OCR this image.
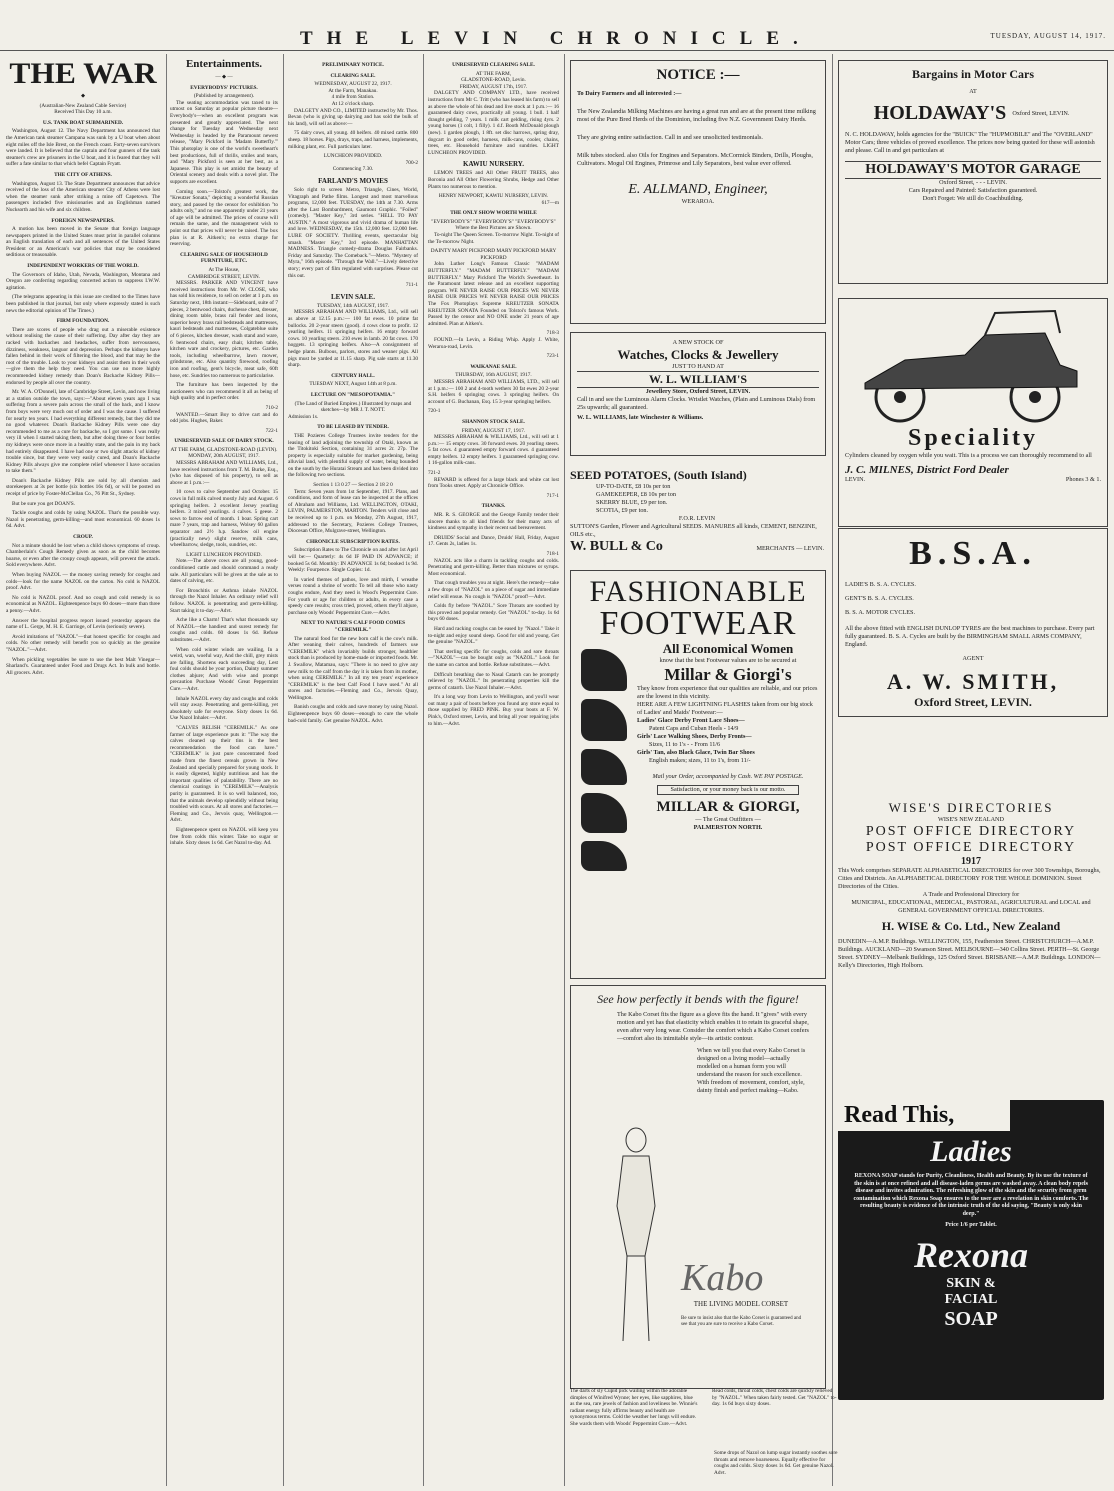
THE LEVIN CHRONICLE.	TUESDAY, AUGUST 14, 1917.
THE WAR
◆
(Australian-New Zealand Cable Service)
Received This Day 10 a.m.
U.S. TANK BOAT SUBMARINED.

Washington, August 12. The Navy Department has announced that the American tank steamer Campana was sunk by a U boat when about eight miles off the Isle Brest, on the French coast. Forty-seven survivors were landed. It is believed that the captain and four gunners of the tank steamer's crew are prisoners in the U boat, and it is feared that they will suffer a fate similar to that which befel Captain Fryatt.

THE CITY OF ATHENS.

Washington, August 13. The State Department announces that advice received of the loss of the American steamer City of Athens were lost when the steamer sunk after striking a mine off Capetown. The passengers included five missionaries and an Englishman named Nucksorth and his wife and six children.

FOREIGN NEWSPAPERS.

A motion has been moved in the Senate that foreign language newspapers printed in the United States must print in parallel columns an English translation of each and all sentences of the United States President or an American's war policies that may be considered seditious or treasonable.

INDEPENDENT WORKERS OF THE WORLD.

The Governors of Idaho, Utah, Nevada, Washington, Montana and Oregon are conferring regarding concerted action to suppress I.W.W. agitation.

(The telegrams appearing in this issue are credited to the Times have been published in that journal, but only where expressly stated is such news the editorial opinion of The Times.)

FIRM FOUNDATION.

There are scores of people who drag out a miserable existence without realising the cause of their suffering. Day after day they are racked with backaches and headaches, suffer from nervousness, dizziness, weakness, languor and depression. Perhaps the kidneys have fallen behind in their work of filtering the blood, and that may be the root of the trouble. Look to your kidneys and assist them in their work—give them the help they need. You can use no more highly recommended kidney remedy than Doan's Backache Kidney Pills—endorsed by people all over the country.

Mr. W. A. O'Donnell, late of Cambridge Street, Levin, and now living at a station outside the town, says:—"About eleven years ago I was suffering from a severe pain across the small of the back, and I know from boys were very much out of order and I was the cause. I suffered for nearly ten years. I had everything different remedy, but they did me no good whatever. Doan's Backache Kidney Pills were one day recommended to me as a cure for backache, so I got some. I was really very ill when I started taking them, but after doing three or four bottles my kidneys were once more in a healthy state, and the pain in my back had entirely disappeared. I have had one or two slight attacks of kidney trouble since, but they were very easily cured, and Doan's Backache Kidney Pills always give me complete relief whenever I have occasion to take them."

Doan's Backache Kidney Pills are sold by all chemists and storekeepers at 3s per bottle (six bottles 16s 6d), or will be posted on receipt of price by Foster-McClellan Co., 76 Pitt St., Sydney.

But be sure you get DOAN'S.

Tackle coughs and colds by using NAZOL. That's the possible way. Nazol is penetrating, germ-killing—and most economical. 60 doses 1s 6d. Advt.

CROUP.

Not a minute should be lost when a child shows symptoms of croup. Chamberlain's Cough Remedy given as soon as the child becomes hoarse, or even after the croupy cough appears, will prevent the attack. Sold everywhere. Advt.

When buying NAZOL — the money saving remedy for coughs and colds—look for the name NAZOL on the carton. No cold is NAZOL proof. Advt.

No cold is NAZOL proof. And no cough and cold remedy is so economical as NAZOL. Eighteenpence buys 60 doses—more than three a penny.—Advt.

Answer the hospital progress report issued yesterday appears the name of L. Gerge, M. H. E. Garrioge, of Levin (seriously severe).

Avoid imitations of "NAZOL"—that honest specific for coughs and colds. No other remedy will benefit you so quickly as the genuine "NAZOL."—Advt.

When pickling vegetables be sure to use the best Malt Vinegar—Sharland's. Guaranteed under Food and Drugs Act. In bulk and bottle. All grocers. Advt.

Entertainments.
— ◆ —
EVERYBODYS' PICTURES.
(Published by arrangement).

The seating accommodation was taxed to its utmost on Saturday at popular picture theatre—Everybody's—when an excellent program was presented and greatly appreciated. The next change for Tuesday and Wednesday next Wednesday is headed by the Paramount newest release, "Mary Pickford in 'Madam Butterfly.'" This photoplay is one of the world's sweetheart's best productions, full of thrills, smiles and tears, and "Mary Pickford is seen at her best, as a Japanese. This play is set amidst the beauty of Oriental scenery and deals with a novel plot. The supports are excellent.

Coming soon.—Tolstoi's greatest work, the "Kreutzer Sonata," depicting a wonderful Russian story, and passed by the censor for exhibition "to adults only," and no one apparently under 21 years of age will be admitted. The prices of course will remain the same, and the management wish to point out that prices will never be raised. The box plan is at R. Aitken's; no extra charge for reserving.

CLEARING SALE OF HOUSEHOLD FURNITURE, ETC.
At The House,
CAMBRIDGE STREET, LEVIN.

MESSRS. PARKER AND VINCENT have received instructions from Mr. W. CLOSE, who has sold his residence, to sell on order at 1 p.m. on Saturday next, 18th instant:—Sideboard, suite of 7 pieces, 2 bentwood chairs, duchesse chest, dresser, dining room table, brass rail fender and irons, superior heavy brass rail bedsteads and mattresses, kauri bedsteads and mattresses, Colgateblue suite of 6 pieces, kitchen dresser, wash stand and ware, 6 bentwood chairs, easy chair, kitchen table, kitchen ware and crockery, pictures, etc. Garden tools, including wheelbarrow, lawn mower, grindstone, etc. Also quantity firewood, roofing iron and roofing, gent's bicycle, meat safe, 60ft hose, etc. Sundries too numerous to particularise.

The furniture has been inspected by the auctioneers who can recommend it all as being of high quality and in perfect order.

710-2

WANTED.—Smart Boy to drive cart and do odd jobs. Hughes, Baker.

722-1
UNRESERVED SALE OF DAIRY STOCK.
AT THE FARM, GLADSTONE-ROAD (LEVIN).
MONDAY, 20th AUGUST, 1917.

MESSRS ABRAHAM AND WILLIAMS, Ltd., have received instructions from T. M. Burke, Esq., (who has disposed of his property), to sell as above at 1 p.m.:—

10 cows to calve September and October. 15 cows in full milk calved mostly July and August. 6 springing heifers. 2 excellent Jersey yearling heifers. 3 mixed yearlings. 4 calves. 5 geese. 2 sows to farrow end of month. 1 boar. Spring cart mare 7 years, trap and harness, Wolsey 60 gallon separator and 2½ h.p. Sandow oil engine (practically new) slight reserve, milk cans, wheelbarrow, sledge, tools, sundries, etc.

LIGHT LUNCHEON PROVIDED.

Note.—The above cows are all young, good-conditioned cattle and should command a ready sale. All particulars will be given at the sale as to dates of calving, etc.

For Bronchitis or Asthma inhale NAZOL through the Nazol Inhaler. An ordinary relief will follow. NAZOL is penetrating and germ-killing. Start taking it to-day.—Advt.

Ache like a Charm! That's what thousands say of NAZOL—the handiest and surest remedy for coughs and colds. 60 doses 1s 6d. Refuse substitutes.—Advt.

When cold winter winds are wailing, In a weird, wan, woeful way, And the chill, grey mists are falling, Shortens each succeeding day, Lest foul colds should be your portion, Dainty summer clothes abjure; And with wise and prompt precaution Purchase Woods' Great Peppermint Cure.—Advt.

Inhale NAZOL every day and coughs and colds will stay away. Penetrating and germ-killing, yet absolutely safe for everyone. Sixty doses 1s 6d. Use Nazol Inhaler.—Advt.

"CALVES RELISH "CEREMILK." As one farmer of large experience puts it: "The way the calves cleaned up their tins is the best recommendation the food can have." "CEREMILK" is just pure concentrated food made from the finest cereals grown in New Zealand and specially prepared for young stock. It is easily digested, highly nutritious and has the important qualities of palatability. There are no chemical coatings in "CEREMILK"—Analysis purity is guaranteed. It is so well balanced, too, that the animals develop splendidly without being troubled with scours. At all stores and factories.—Fleming and Co., Jervois quay, Wellington.—Advt.

Eighteenpence spent on NAZOL will keep you free from colds this winter. Take no sugar or inhale. Sixty doses 1s 6d. Get Nazol to-day. Ad.

PRELIMINARY NOTICE.
CLEARING SALE.
WEDNESDAY, AUGUST 22, 1917.
At the Farm, Manakau.
4 mile from Station.
At 12 o'clock sharp.

DALGETY AND CO., LIMITED instructed by Mr. Thos. Bevan (who is giving up dairying and has sold the bulk of his land), will sell as above:—

75 dairy cows, all young. 40 heifers. 40 mixed cattle. 800 sheep. 18 horses. Pigs, drays, traps, and harness, implements, milking plant, etc. Full particulars later.

LUNCHEON PROVIDED.
700-2
Commencing 7.30.
FARLAND'S MOVIES

Solo right to screen Metro, Triangle, Cines, World, Vitagraph and Pathe films. Longest and most marvellous programs, 12,000 feet. TUESDAY, the 14th at 7.30. Arms after the Last Bombardment, Gaumont Graphic. "Foiled" (comedy). "Master Key," 3rd series. "HELL TO PAY AUSTIN." A most vigorous and vivid drama of human life and love. WEDNESDAY, the 15th. 12,000 feet. 12,000 feet. LURE OF SOCIETY. Thrilling events, spectacular big smash. "Master Key," 3rd episode. MANHATTAN MADNESS. Triangle comedy-drama Douglas Fairbanks. Friday and Saturday. The Comeback."—Metro. "Mystery of Myra," 16th episode. "Through the Wall."—Lively detective story; every part of film regulated with surprises. Please cut this out.

711-1
LEVIN SALE.
TUESDAY, 14th AUGUST, 1917.

MESSRS ABRAHAM AND WILLIAMS, Ltd., will sell as above at 12.15 p.m.:— 100 fat ewes. 10 prime fat bullocks. 20 2-year steers (good). 4 cows close to profit. 12 yearling heifers. 11 springing heifers. 16 empty forward cows. 10 yearling steers. 210 ewes in lamb. 20 fat cows. 170 hoggets. 13 springing heifers. Also—A consignment of hedge plants. Bulbous, parlors, stores and weaner pigs. All pigs must be yarded at 11.15 sharp. Pig sale starts at 11.30 sharp.

CENTURY HALL.
TUESDAY NEXT, August 14th at 8 p.m.
LECTURE ON "MESOPOTAMIA."
(The Land of Buried Empires.) Illustrated by maps and sketches—by MR J. T. NOTT.
Admission 1s.
TO BE LEASED BY TENDER.

THE Pozieres College Trustees invite tenders for the leasing of land adjoining the township of Otaki, known as the Titokitoki Section, containing 31 acres 2r. 27p. The property is especially suitable for market gardening, being alluvial land, with plentiful supply of water, being bounded on the south by the Huratai Stream and has been divided into the following two sections.

Section 1 13 0 27 — Section 2 18 2 0

Term: Seven years from 1st September, 1917. Plans, and conditions, and form of lease can be inspected at the offices of Abraham and Williams, Ltd. WELLINGTON, OTAKI, LEVIN, PALMERSTON, MARTON. Tenders will close and be received up to 1 p.m. on Monday, 27th August, 1917, addressed to the Secretary, Pozieres College Trustees, Diocesan Office, Mulgrave-street, Wellington.

CHRONICLE SUBSCRIPTION RATES.

Subscription Rates to The Chronicle on and after 1st April will be:— Quarterly: 4s 6d IF PAID IN ADVANCE; if booked 5s 6d. Monthly: IN ADVANCE 1s 6d; booked 1s 9d. Weekly: Fourpence. Single Copies: 1d.

In varied themes of pathos, love and mirth, I wreathe verses round a shrine of worth: To tell all those who nasty coughs endure, And they need is Wood's Peppermint Cure. For youth or age for children or adults, in every case a speedy cure results; cross tried, proved, others they'll abjure, purchase only Woods' Peppermint Cure.—Advt.

NEXT TO NATURE'S CALF FOOD COMES "CEREMILK."

The natural food for the new born calf is the cow's milk. After weaning their calves, hundreds of farmers use "CEREMILK" which invariably builds stronger, healthier stock than is produced by home-made or imported foods. Mr. J. Swallow, Matamau, says: "There is no need to give any new milk to the calf from the day it is taken from its mother, when using CEREMILK." In all my ten years' experience "CEREMILK" is the best Calf Food I have used." At all stores and factories.—Fleming and Co., Jervois Quay, Wellington.

Banish coughs and colds and save money by using Nazol. Eighteenpence buys 60 doses—enough to cure the whole bad-cold family. Get genuine NAZOL. Advt.

UNRESERVED CLEARING SALE.
AT THE FARM,
GLADSTONE-ROAD, Levin.
FRIDAY, AUGUST 17th, 1917.

DALGETY AND COMPANY LTD., have received instructions from Mr C. Tritt (who has leased his farm) to sell as above the whole of his dead and live stock at 1 p.m.:— 16 guaranteed dairy cows, practically all young. 1 bull. 1 half draught gelding, 7 years. 1 milk cart gelding, rising 4yrs. 2 young horses (1 colt, 1 filly). 1 d.f. Booth McDonald plough (new). 1 garden plough, 1 8ft. set disc harrows, spring dray, dogcart in good order, harness, milk-cans, cooler, chains, trees, etc. Household furniture and sundries. LIGHT LUNCHEON PROVIDED.

KAWIU NURSERY.

LEMON TREES and All Other FRUIT TREES, also Boronia and All Other Flowering Shrubs, Hedge and Other Plants too numerous to mention.

HENRY NEWPORT, KAWIU NURSERY, LEVIN.
617—m
THE ONLY SHOW WORTH WHILE
"EVERYBODY'S" "EVERYBODY'S" "EVERYBODY'S"
Where the Best Pictures are Shown.

To-night The Queen Screen. To-morrow Night. To-night of the To-morrow Night.

DAINTY MARY PICKFORD MARY PICKFORD MARY PICKFORD

John Luther Long's Famous Classic "MADAM BUTTERFLY." "MADAM BUTTERFLY." "MADAM BUTTERFLY." Mary Pickford The World's Sweetheart. In the Paramount latest release and an excellent supporting program. WE NEVER RAISE OUR PRICES WE NEVER RAISE OUR PRICES WE NEVER RAISE OUR PRICES The Fox Photoplays Supreme KREUTZER SONATA KREUTZER SONATA Founded on Tolstoi's famous Work. Passed by the censor and NO ONE under 21 years of age admitted. Plan at Aitken's.

718-3

FOUND.—In Levin, a Riding Whip. Apply J. White, Weraroa-road, Levin.

723-1
WAIKANAE SALE.
THURSDAY, 16th AUGUST, 1917.

MESSRS ABRAHAM AND WILLIAMS, LTD., will sell at 1 p.m.:— 100 2 and 4-tooth wethers 30 fat ewes 20 2-year S.H. heifers 6 springing cows. 3 springing heifers. On account of G. Buchanan, Esq. 15 3-year springing heifers.

720-1
SHANNON STOCK SALE.
FRIDAY, AUGUST 17, 1917.

MESSRS ABRAHAM & WILLIAMS, Ltd., will sell at 1 p.m.:— 15 empty cows. 30 forward ewes. 20 yearling steers. 5 fat cows. 4 guaranteed empty forward cows. 4 guaranteed empty heifers. 12 empty heifers. 1 guaranteed springing cow. 1 16-gallon milk-cans.

721-2

REWARD is offered for a large black and white cat lost from Tooks street. Apply at Chronicle Office.

717-1
THANKS.

MR. R. S. GEORGE and the George Family tender their sincere thanks to all kind friends for their many acts of kindness and sympathy in their recent sad bereavement.

DRUIDS' Social and Dance, Druids' Hall, Friday, August 17. Gents 2s, ladies 1s.

718-1

NAZOL acts like a charm in tackling coughs and colds. Penetrating and germ-killing. Better than mixtures or syrups. Most economical.

That cough troubles you at night. Here's the remedy—take a few drops of "NAZOL" on a piece of sugar and immediate relief will ensue. No cough is "NAZOL" proof!—Advt.

Colds fly before "NAZOL." Sore Throats are soothed by this proved and popular remedy. Get "NAZOL" to-day. 1s 6d buys 60 doses.

Hard and racking coughs can be eased by "Nazol." Take it to-night and enjoy sound sleep. Good for old and young. Get the genuine "NAZOL."

That sterling specific for coughs, colds and sore throats—"NAZOL"—can be bought only as "NAZOL." Look for the name on carton and bottle. Refuse substitutes.—Advt.

Difficult breathing due to Nasal Catarrh can be promptly relieved by "NAZOL." Its penetrating properties kill the germs of catarrh. Use Nazol Inhaler.—Advt.

It's a long way from Levin to Wellington, and you'll wear out many a pair of boots before you found any store equal to those supplied by FRED PINK. Buy your boots at F. W. Pink's, Oxford street, Levin, and bring all your repairing jobs to him.—Advt.

NOTICE :—
To Dairy Farmers and all interested :—
The New Zealandia Milking Machines are having a great run and are at the present time milking most of the Pure Bred Herds of the Dominion, including five N.Z. Government Dairy Herds.
They are giving entire satisfaction. Call in and see unsolicited testimonials.
Milk tubes stocked. also Oils for Engines and Separators. McCormick Binders, Drills, Ploughs, Cultivators. Mogul Oil Engines, Primrose and Lily Separators, best value ever offered.
E. ALLMAND, Engineer,
WERAROA.
A NEW STOCK OF
Watches, Clocks & Jewellery
JUST TO HAND AT
W. L. WILLIAM'S
Jewellery Store, Oxford Street, LEVIN.
Call in and see the Luminous Alarm Clocks. Wristlet Watches, (Plain and Luminous Dials) from 25s upwards; all guaranteed.
W. L. WILLIAMS, late Winchester & Williams.
SEED POTATOES, (South Island)
UP-TO-DATE, £8 10s per ton
GAMEKEEPER, £8 10s per ton
SKERRY BLUE, £9 per ton.
SCOTIA, £9 per ton.
F.O.R. LEVIN
SUTTON'S Garden, Flower and Agricultural SEEDS. MANURES all kinds, CEMENT, BENZINE, OILS etc.,
W. BULL & Co	MERCHANTS — LEVIN.
FASHIONABLE
FOOTWEAR
All Economical Women
know that the best Footwear values are to be secured at
Millar & Giorgi's
They know from experience that our qualities are reliable, and our prices are the lowest in this vicinity.
HERE ARE A FEW LIGHTNING FLASHES taken from our big stock of Ladies' and Maids' Footwear:—
Ladies' Glace Derby Front Lace Shoes—
Patent Caps and Cuban Heels - 14/9
Girls' Lace Walking Shoes, Derby Fronts—
Sizes, 11 to 1's - - From 11/6
Girls' Tan, also Black Glace, Twin Bar Shoes
English makes; sizes, 11 to 1's, from 11/-
Mail your Order, accompanied by Cash. WE PAY POSTAGE.
Satisfaction, or your money back is our motto.
MILLAR & GIORGI,
— The Great Outfitters —
PALMERSTON NORTH.
See how perfectly it bends with the figure!
The Kabo Corset fits the figure as a glove fits the hand. It "gives" with every motion and yet has that elasticity which enables it to retain its graceful shape, even after very long wear. Consider the comfort which a Kabo Corset confers—comfort also its inimitable style—its artistic contour.
When we tell you that every Kabo Corset is designed on a living model—actually modelled on a human form you will understand the reason for such excellence. With freedom of movement, comfort, style, dainty finish and perfect making—Kabo.
Kabo
THE LIVING MODEL CORSET
Be sure to insist also that the Kabo Corset is guaranteed and see that you are sure to receive a Kabo Corset.
The darts of sly Cupid pick wailing within the adorable dimples of Winifred Wynne; her eyes, like sapphires, blue as the sea, rare jewels of fashion and loveliness be. Winnie's radiant energy fully affirms beauty and health are synonymous terms. Cold the weather her lungs will endure. She wards them with Woods' Peppermint Cure.—Advt.
Bargains in Motor Cars
AT
HOLDAWAY'S Oxford Street, LEVIN.
N. C. HOLDAWAY, holds agencies for the "BUICK" The "HUPMOBILE" and The "OVERLAND" Motor Cars; three vehicles of proved excellence. The prices now being quoted for these will astonish and please. Call in and get particulars at
HOLDAWAY'S MOTOR GARAGE
Oxford Street, - - - LEVIN.
Cars Repaired and Painted: Satisfaction guaranteed.
Don't Forget: We still do Coachbuilding.
Speciality
Cylinders cleaned by oxygen while you wait. This is a process we can thoroughly recommend to all
J. C. MILNES, District Ford Dealer
LEVIN.	Phones 3 & 1.
B.S.A.
LADIE'S B. S. A. CYCLES.
GENT'S B. S. A. CYCLES.
B. S. A. MOTOR CYCLES.
All the above fitted with ENGLISH DUNLOP TYRES are the best machines to purchase. Every part fully guaranteed. B. S. A. Cycles are built by the BIRMINGHAM SMALL ARMS COMPANY, England.
AGENT
A. W. SMITH,
Oxford Street, LEVIN.
WISE'S DIRECTORIES
WISE'S NEW ZEALAND
POST OFFICE DIRECTORY
POST OFFICE DIRECTORY
1917
This Work comprises SEPARATE ALPHABETICAL DIRECTORIES for over 300 Townships, Boroughs, Cities and Districts. An ALPHABETICAL DIRECTORY FOR THE WHOLE DOMINION. Street Directories of the Cities.
A Trade and Professional Directory for
MUNICIPAL, EDUCATIONAL, MEDICAL, PASTORAL, AGRICULTURAL and LOCAL and GENERAL GOVERNMENT OFFICIAL DIRECTORIES.
H. WISE & Co. Ltd., New Zealand
DUNEDIN—A.M.P. Buildings. WELLINGTON, 155, Featherston Street. CHRISTCHURCH—A.M.P. Buildings. AUCKLAND—20 Swanson Street. MELBOURNE—340 Collins Street. PERTH—St. George Street. SYDNEY—Melbank Buildings, 125 Oxford Street. BRISBANE—A.M.P. Buildings. LONDON—Kelly's Directories, High Holborn.
Read This,
Ladies
REXONA SOAP stands for Purity, Cleanliness, Health and Beauty. By its use the texture of the skin is at once refined and all disease-laden germs are washed away. A clean body repels disease and invites admiration. The refreshing glow of the skin and the security from germ contamination which Rexona Soap ensures to the user are a revelation in skin comforts. The resulting beauty is evidence of the intrinsic truth of the old saying, "Beauty is only skin deep."
Price 1/6 per Tablet.
Rexona
SKIN &
FACIAL
SOAP
Read colds, throat colds, chest colds are quickly relieved by "NAZOL." When taken fairly tested. Get "NAZOL" to-day. 1s 6d buys sixty doses.
Some drops of Nazol on lump sugar instantly soothes sore throats and remove hoarseness. Equally effective for coughs and colds. Sixty doses 1s 6d. Get genuine Nazol. Advt.
